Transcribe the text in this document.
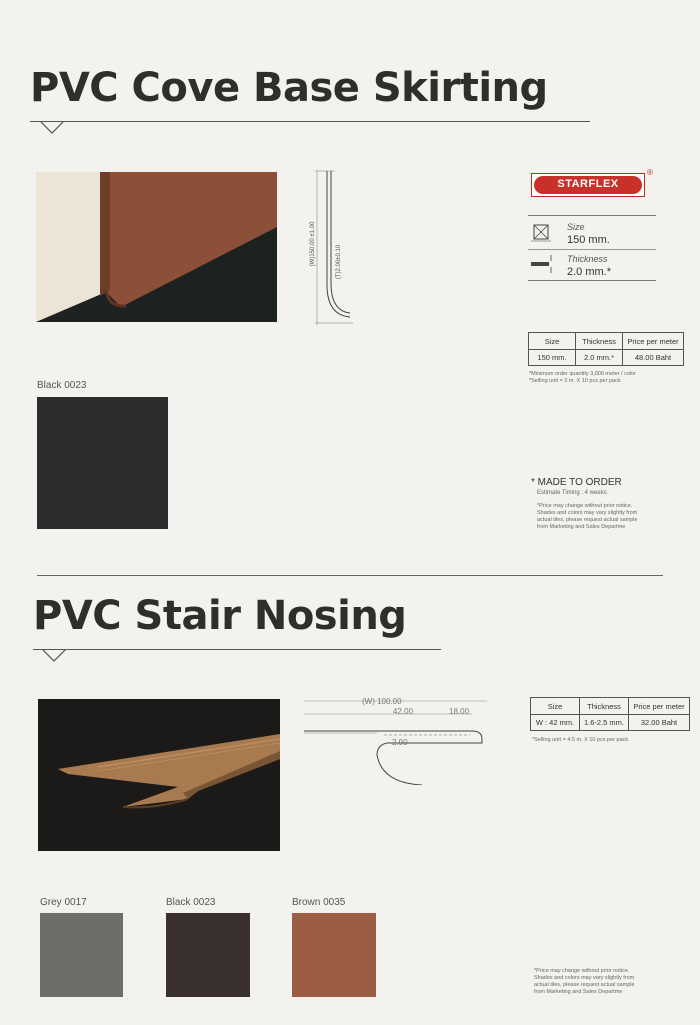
PVC Cove Base Skirting
(W)150.00 ±1.00	(T)2.00±0.10
STARFLEX
®
Size
150 mm.
Thickness
2.0 mm.*
Size	Thickness	Price per meter
150 mm.	2.0 mm.*	48.00 Baht
*Minimum order quantity 3,000 meter / color
*Selling unit = 2 m. X 10 pcs per pack
Black 0023
* MADE TO ORDER
Estimate Timing : 4 weeks
*Price may change without prior notice.
Shades and colors may vary slightly from
actual tiles, please request actual sample
from Marketing and Sales Departme
PVC Stair Nosing
(W) 100.00
42.00	18.00
2.90
Size	Thickness	Price per meter
W : 42 mm.	1.6-2.5 mm.	32.00 Baht
*Selling unit = 4.5 m. X 10 pcs per pack
Grey 0017	Black 0023	Brown 0035
*Price may change without prior notice.
Shades and colors may vary slightly from
actual tiles, please request actual sample
from Marketing and Sales Departme
